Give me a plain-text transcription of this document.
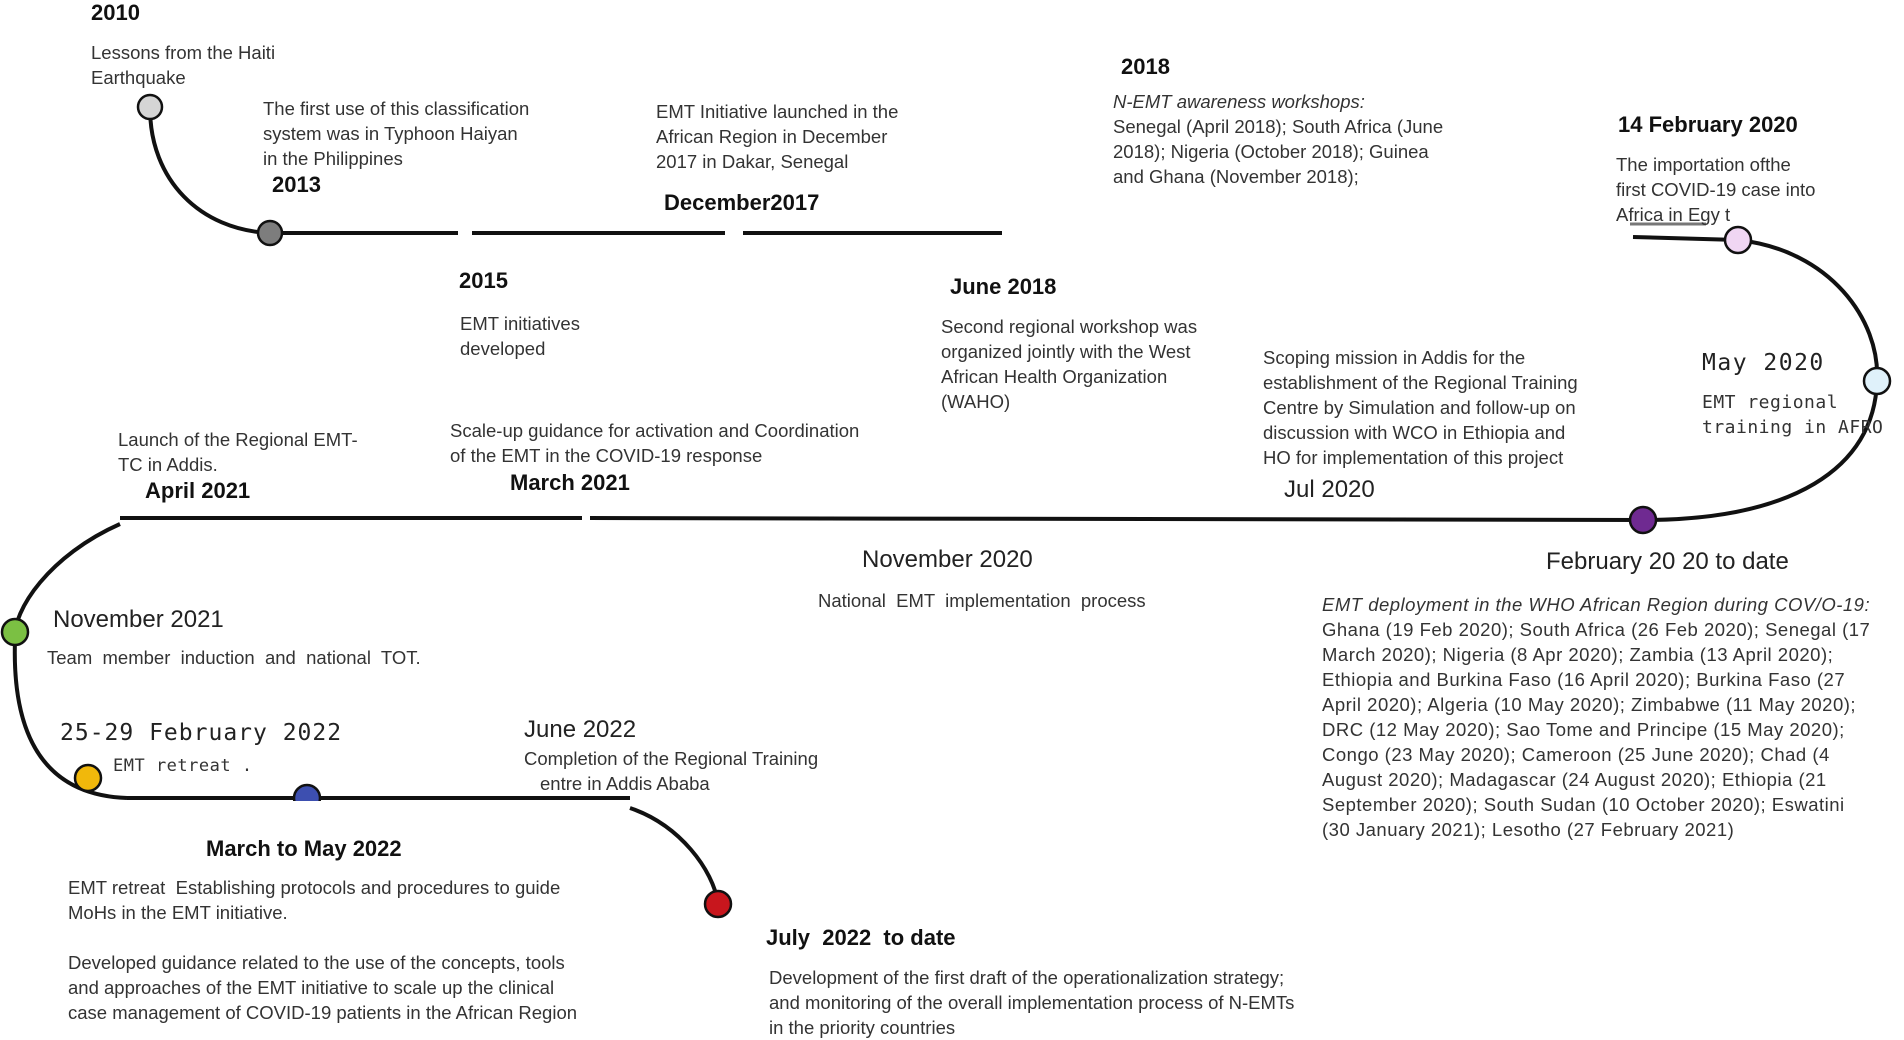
2010
Lessons from the Haiti
Earthquake
The first use of this classification
system was in Typhoon Haiyan
in the Philippines
2013
2015
EMT initiatives
developed
EMT Initiative launched in the
African Region in December
2017 in Dakar, Senegal
December2017
2018
N-EMT awareness workshops:
Senegal (April 2018); South Africa (June
2018); Nigeria (October 2018); Guinea
and Ghana (November 2018);
June 2018
Second regional workshop was
organized jointly with the West
African Health Organization
(WAHO)
14 February 2020
The importation ofthe
first COVID-19 case into
Africa in Egy t
May 2020
EMT regional
training in AFRO
Scoping mission in Addis for the
establishment of the Regional Training
Centre by Simulation and follow-up on
discussion with WCO in Ethiopia and
HO for implementation of this project
Jul 2020
February 20 20 to date
EMT deployment in the WHO African Region during COV/O-19:
Ghana (19 Feb 2020); South Africa (26 Feb 2020); Senegal (17
March 2020); Nigeria (8 Apr 2020); Zambia (13 April 2020);
Ethiopia and Burkina Faso (16 April 2020); Burkina Faso (27
April 2020); Algeria (10 May 2020); Zimbabwe (11 May 2020);
DRC (12 May 2020); Sao Tome and Principe (15 May 2020);
Congo (23 May 2020); Cameroon (25 June 2020); Chad (4
August 2020); Madagascar (24 August 2020); Ethiopia (21
September 2020); South Sudan (10 October 2020); Eswatini
(30 January 2021); Lesotho (27 February 2021)
November 2020
National  EMT  implementation  process
Scale-up guidance for activation and Coordination
of the EMT in the COVID-19 response
March 2021
Launch of the Regional EMT-
TC in Addis.
April 2021
November 2021
Team  member  induction  and  national  TOT.
25-29 February 2022
EMT retreat .
June 2022
Completion of the Regional Training
entre in Addis Ababa
March to May 2022
EMT retreat  Establishing protocols and procedures to guide
MoHs in the EMT initiative.
Developed guidance related to the use of the concepts, tools
and approaches of the EMT initiative to scale up the clinical
case management of COVID-19 patients in the African Region
July  2022  to date
Development of the first draft of the operationalization strategy;
and monitoring of the overall implementation process of N-EMTs
in the priority countries
